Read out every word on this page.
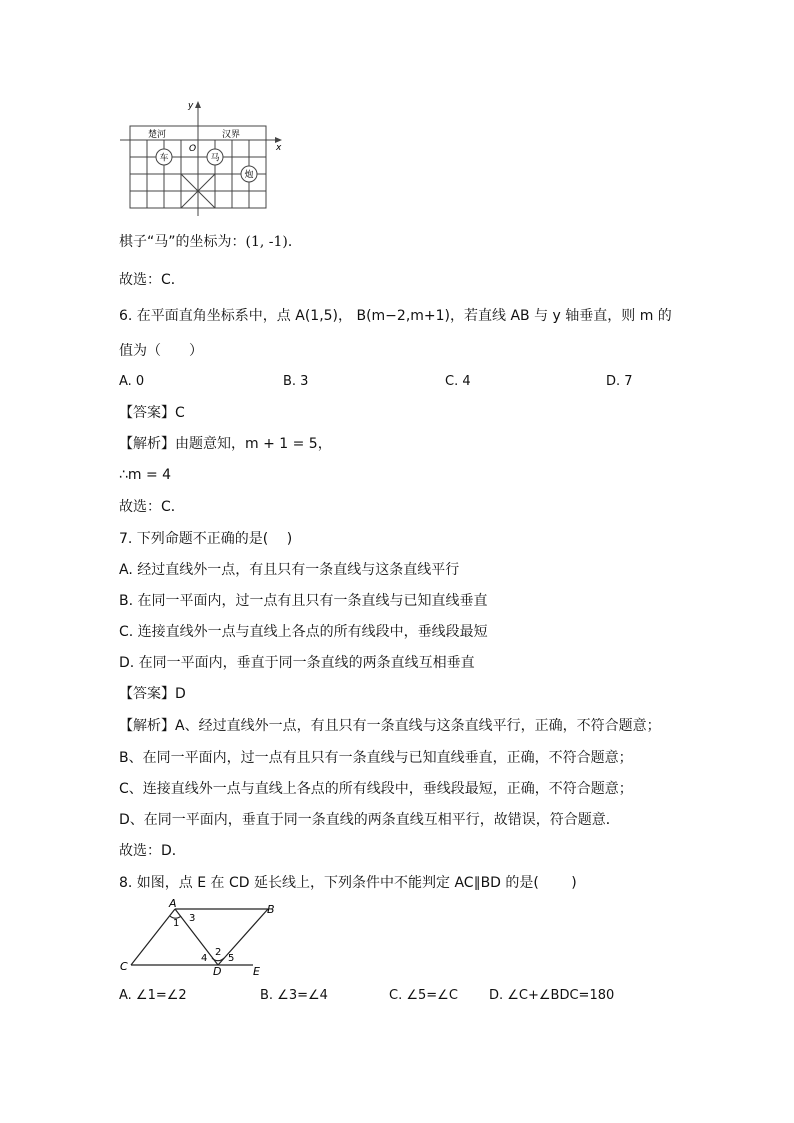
y
x
O
楚河	汉界
车	马
炮
棋子“马”的坐标为：(1, -1)．
故选：C．
6. 在平面直角坐标系中，点 A(1,5)， B(m−2,m+1)，若直线 AB 与 y 轴垂直，则 m 的
值为（　　）
A. 0	B. 3	C. 4	D. 7
【答案】C
【解析】由题意知，m + 1 = 5，
∴m = 4
故选：C．
7. 下列命题不正确的是(　 )
A. 经过直线外一点，有且只有一条直线与这条直线平行
B. 在同一平面内，过一点有且只有一条直线与已知直线垂直
C. 连接直线外一点与直线上各点的所有线段中，垂线段最短
D. 在同一平面内，垂直于同一条直线的两条直线互相垂直
【答案】D
【解析】A、经过直线外一点，有且只有一条直线与这条直线平行，正确，不符合题意；
B、在同一平面内，过一点有且只有一条直线与已知直线垂直，正确，不符合题意；
C、连接直线外一点与直线上各点的所有线段中，垂线段最短，正确，不符合题意；
D、在同一平面内，垂直于同一条直线的两条直线互相平行，故错误，符合题意．
故选：D．
8. 如图，点 E 在 CD 延长线上，下列条件中不能判定 AC∥BD 的是(　　 )
A	B
C	D	E
1 3
2
4 5
A. ∠1=∠2	B. ∠3=∠4	C. ∠5=∠C D. ∠C+∠BDC=180
